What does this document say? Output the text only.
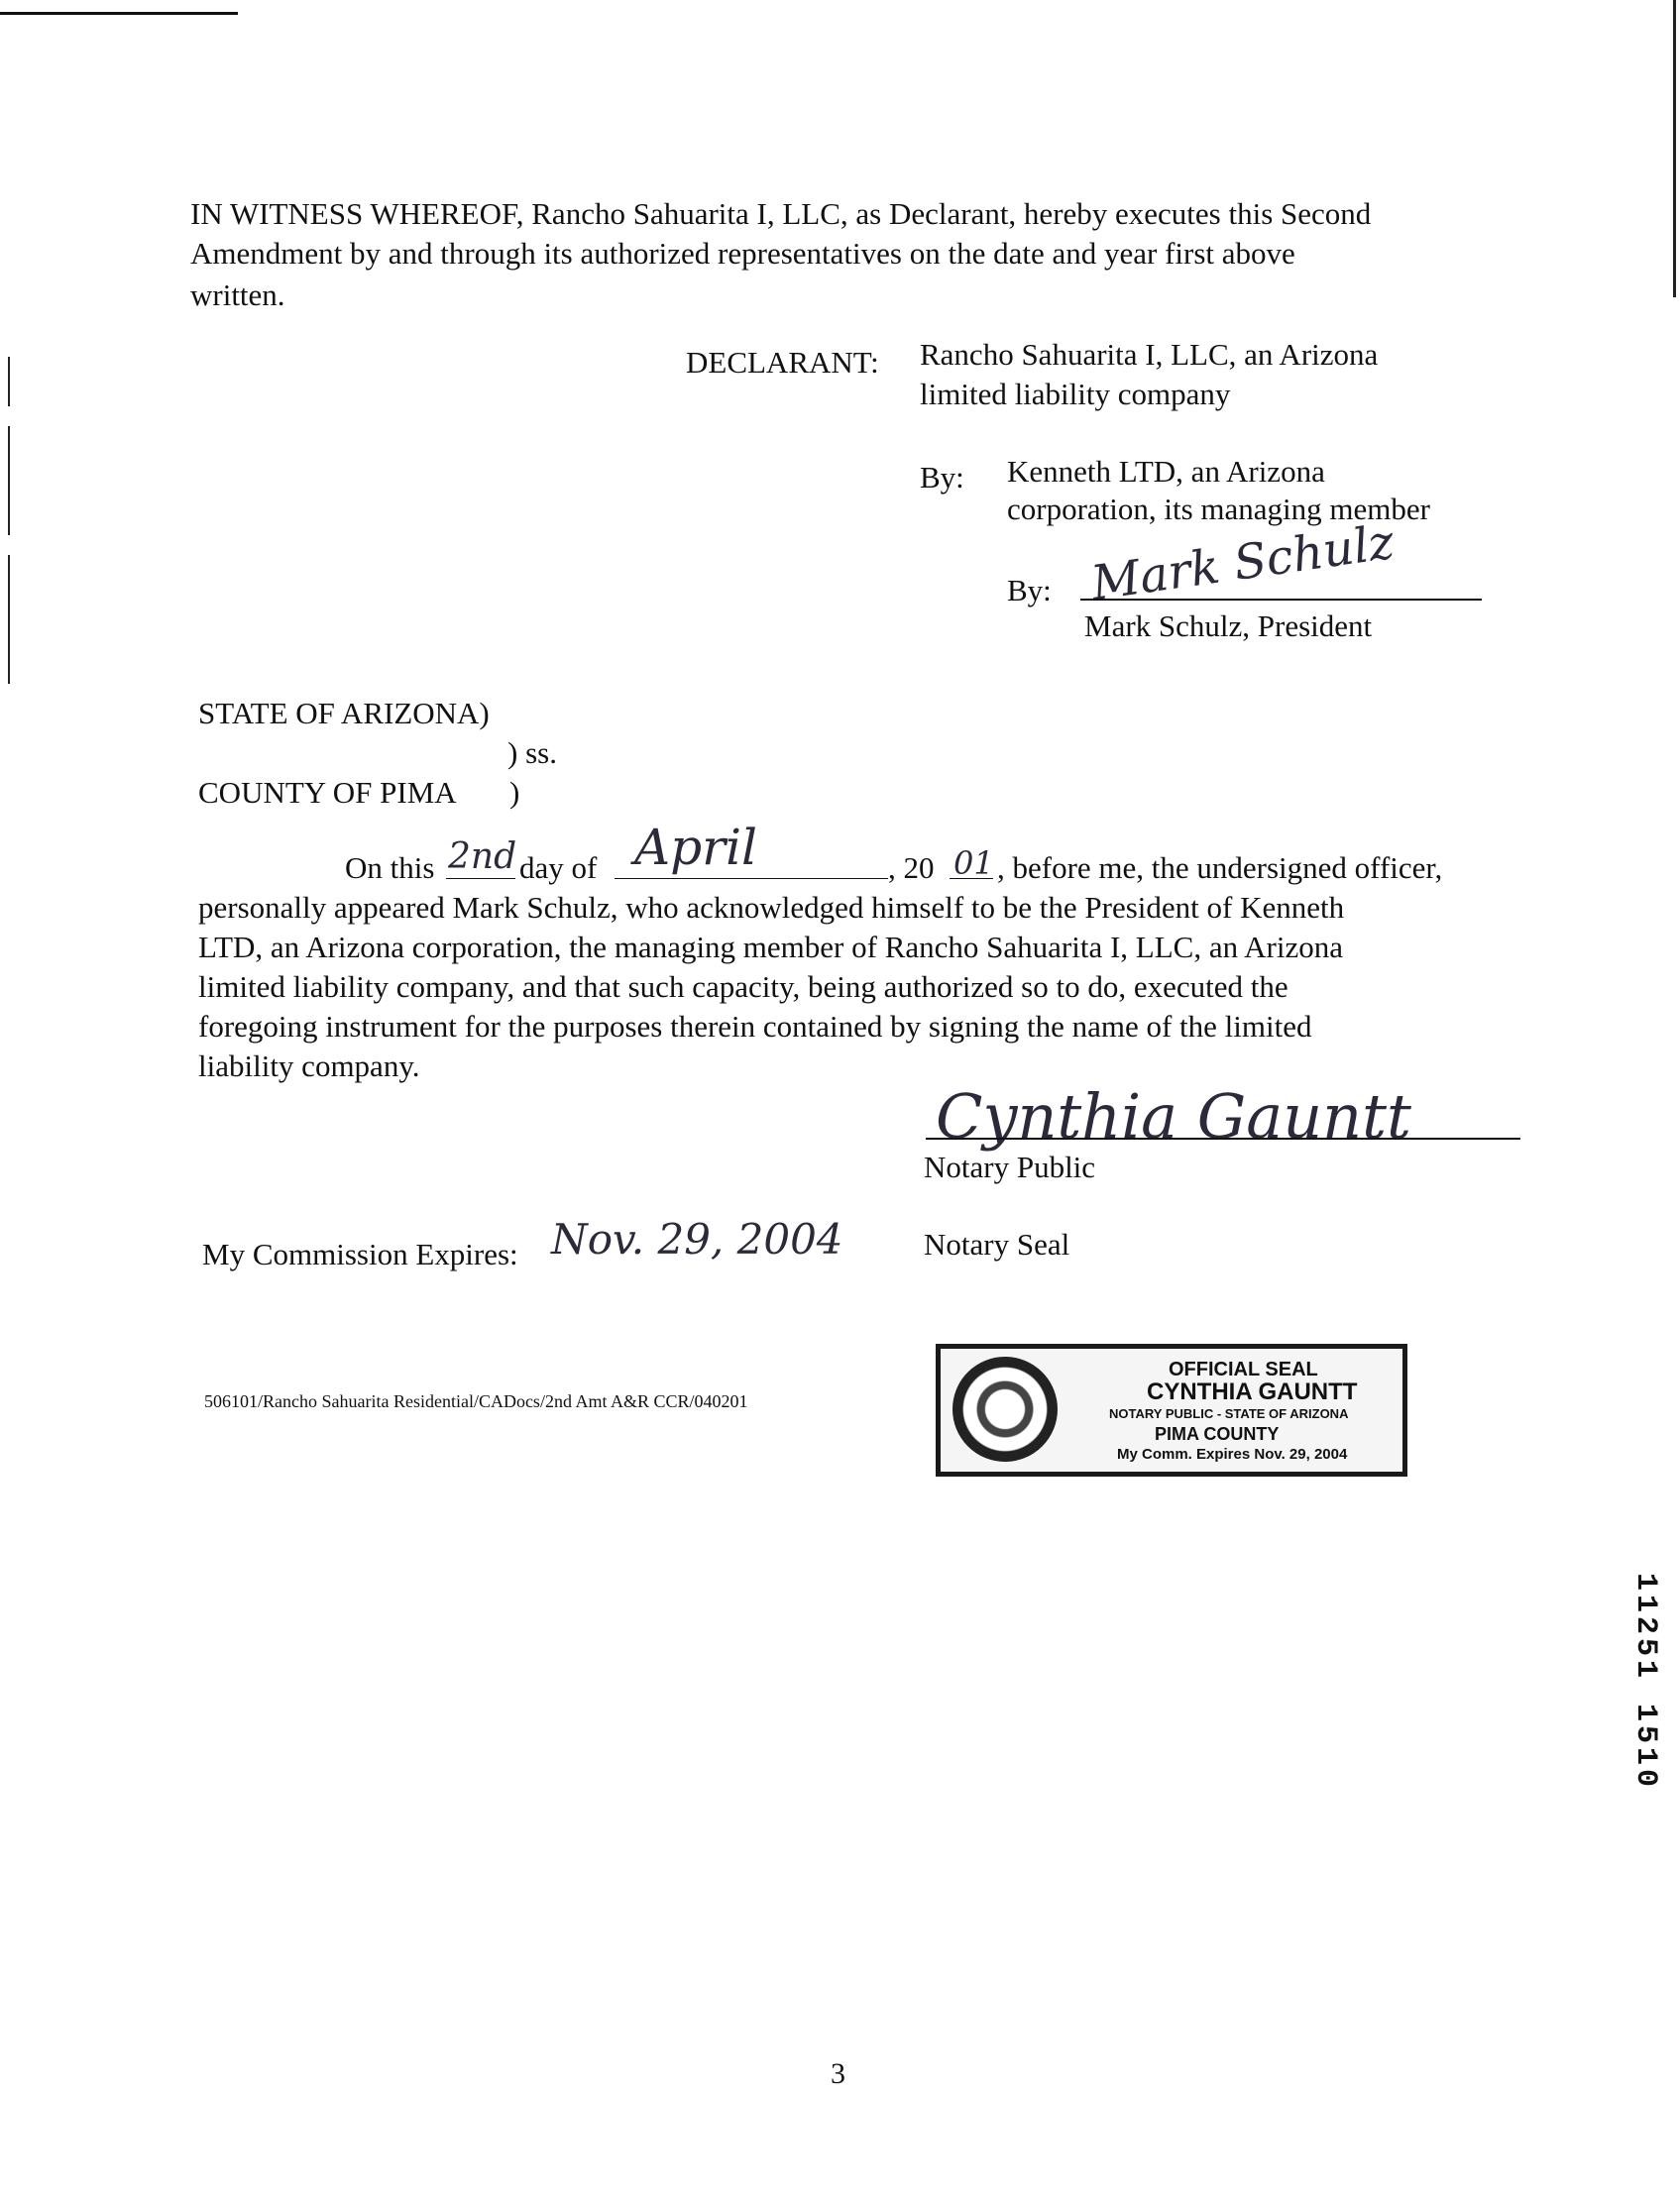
IN WITNESS WHEREOF, Rancho Sahuarita I, LLC, as Declarant, hereby executes this Second
Amendment by and through its authorized representatives on the date and year first above
written.
DECLARANT: Rancho Sahuarita I, LLC, an Arizona
limited liability company
By: Kenneth LTD, an Arizona
corporation, its managing member
By: Mark Schulz
Mark Schulz, President
STATE OF ARIZONA)
) ss.
COUNTY OF PIMA )
On this 2nd day of April	, 20 01 , before me, the undersigned officer,
personally appeared Mark Schulz, who acknowledged himself to be the President of Kenneth
LTD, an Arizona corporation, the managing member of Rancho Sahuarita I, LLC, an Arizona
limited liability company, and that such capacity, being authorized so to do, executed the
foregoing instrument for the purposes therein contained by signing the name of the limited
liability company.
Cynthia Gauntt
Notary Public
My Commission Expires: Nov. 29, 2004	Notary Seal
506101/Rancho Sahuarita Residential/CADocs/2nd Amt A&R CCR/040201
OFFICIAL SEAL
CYNTHIA GAUNTT
NOTARY PUBLIC - STATE OF ARIZONA
PIMA COUNTY
My Comm. Expires Nov. 29, 2004
11251 1510
3
